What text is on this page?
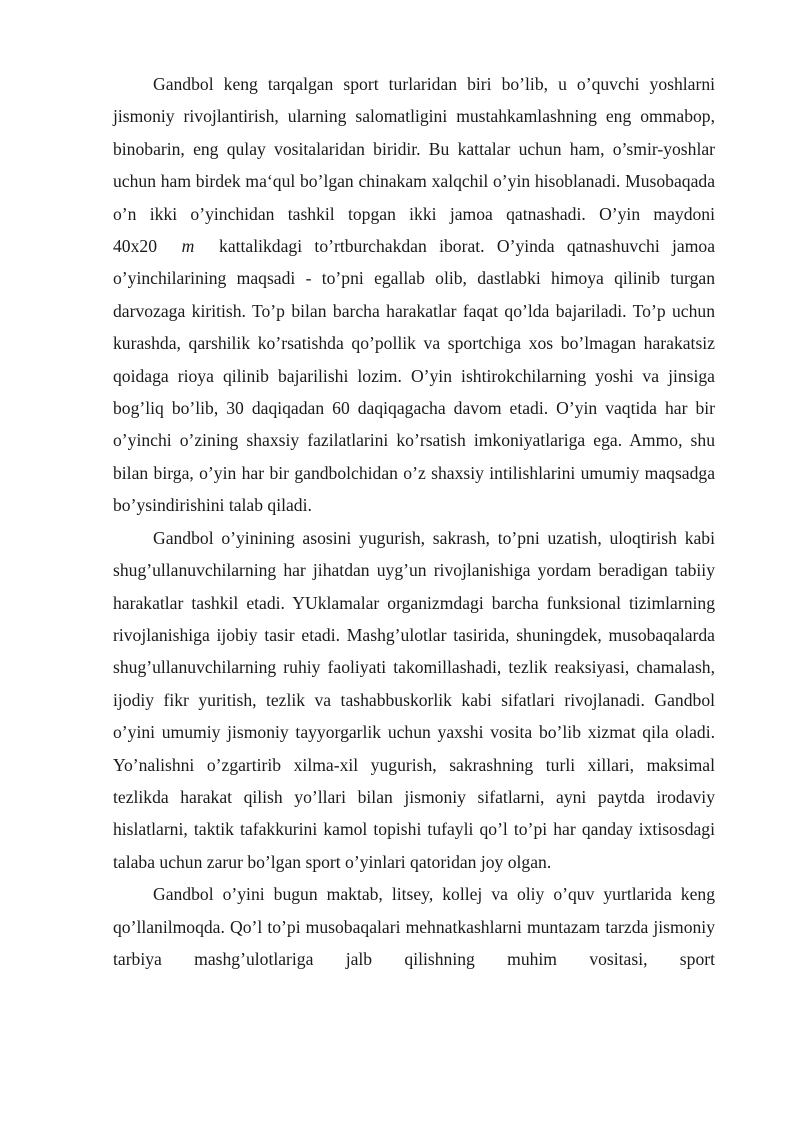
Gandbol keng tarqalgan sport turlaridan biri bo’lib, u o’quvchi yoshlarni jismoniy rivojlantirish, ularning salomatligini mustahkamlashning eng ommabop, binobarin, eng qulay vositalaridan biridir. Bu kattalar uchun ham, o’smir-yoshlar uchun ham birdek ma‘qul bo’lgan chinakam xalqchil o’yin hisoblanadi. Musobaqada o’n ikki o’yinchidan tashkil topgan ikki jamoa qatnashadi. O’yin maydoni 40x20 m kattalikdagi to’rtburchakdan iborat. O’yinda qatnashuvchi jamoa o’yinchilarining maqsadi - to’pni egallab olib, dastlabki himoya qilinib turgan darvozaga kiritish. To’p bilan barcha harakatlar faqat qo’lda bajariladi. To’p uchun kurashda, qarshilik ko’rsatishda qo’pollik va sportchiga xos bo’lmagan harakatsiz qoidaga rioya qilinib bajarilishi lozim. O’yin ishtirokchilarning yoshi va jinsiga bog’liq bo’lib, 30 daqiqadan 60 daqiqagacha davom etadi. O’yin vaqtida har bir o’yinchi o’zining shaxsiy fazilatlarini ko’rsatish imkoniyatlariga ega. Ammo, shu bilan birga, o’yin har bir gandbolchidan o’z shaxsiy intilishlarini umumiy maqsadga bo’ysindirishini talab qiladi.

Gandbol o’yinining asosini yugurish, sakrash, to’pni uzatish, uloqtirish kabi shug’ullanuvchilarning har jihatdan uyg’un rivojlanishiga yordam beradigan tabiiy harakatlar tashkil etadi. YUklamalar organizmdagi barcha funksional tizimlarning rivojlanishiga ijobiy tasir etadi. Mashg’ulotlar tasirida, shuningdek, musobaqalarda shug’ullanuvchilarning ruhiy faoliyati takomillashadi, tezlik reaksiyasi, chamalash, ijodiy fikr yuritish, tezlik va tashabbuskorlik kabi sifatlari rivojlanadi. Gandbol o’yini umumiy jismoniy tayyorgarlik uchun yaxshi vosita bo’lib xizmat qila oladi. Yo’nalishni o’zgartirib xilma-xil yugurish, sakrashning turli xillari, maksimal tezlikda harakat qilish yo’llari bilan jismoniy sifatlarni, ayni paytda irodaviy hislatlarni, taktik tafakkurini kamol topishi tufayli qo’l to’pi har qanday ixtisosdagi talaba uchun zarur bo’lgan sport o’yinlari qatoridan joy olgan.

Gandbol o’yini bugun maktab, litsey, kollej va oliy o’quv yurtlarida keng qo’llanilmoqda. Qo’l to’pi musobaqalari mehnatkashlarni muntazam tarzda jismoniy tarbiya mashg’ulotlariga jalb qilishning muhim vositasi, sport
